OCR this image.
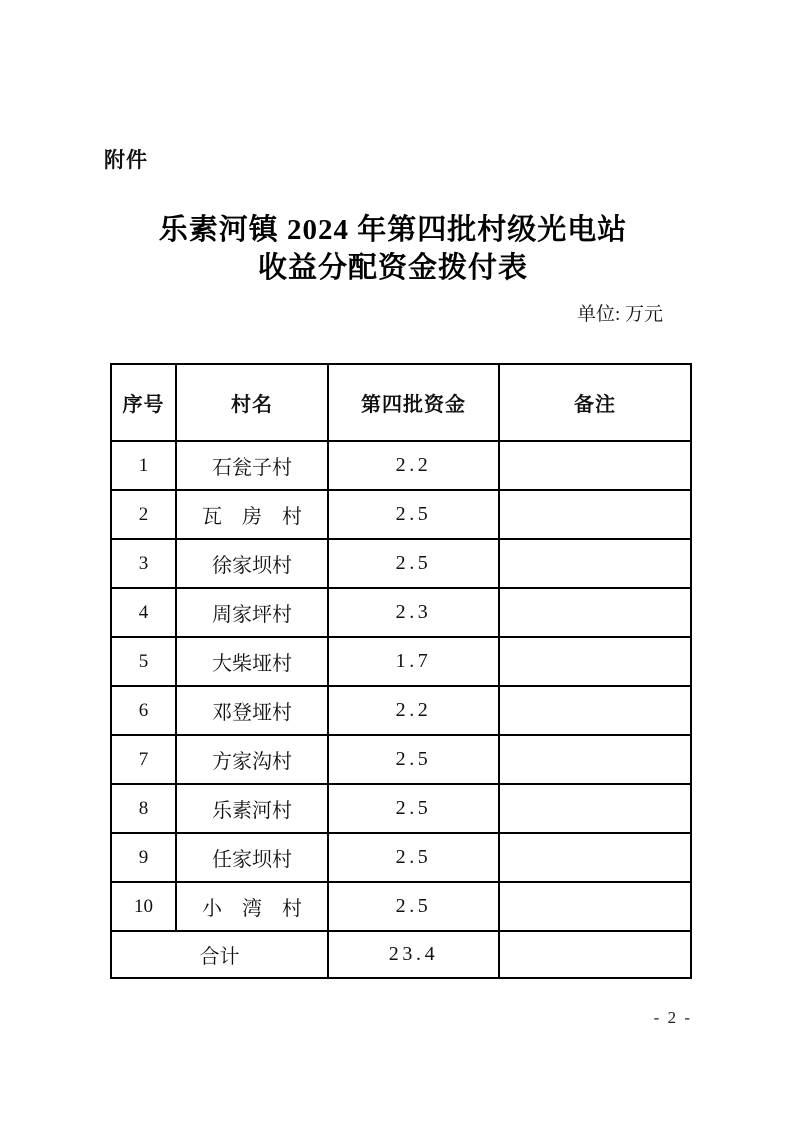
附件
乐素河镇 2024 年第四批村级光电站
收益分配资金拨付表
单位: 万元
序号	村名	第四批资金	备注
1	石瓮子村	2.2	
2	瓦　房　村	2.5	
3	徐家坝村	2.5	
4	周家坪村	2.3	
5	大柴垭村	1.7	
6	邓登垭村	2.2	
7	方家沟村	2.5	
8	乐素河村	2.5	
9	任家坝村	2.5	
10	小　湾　村	2.5	
合计		23.4	
- 2 -
